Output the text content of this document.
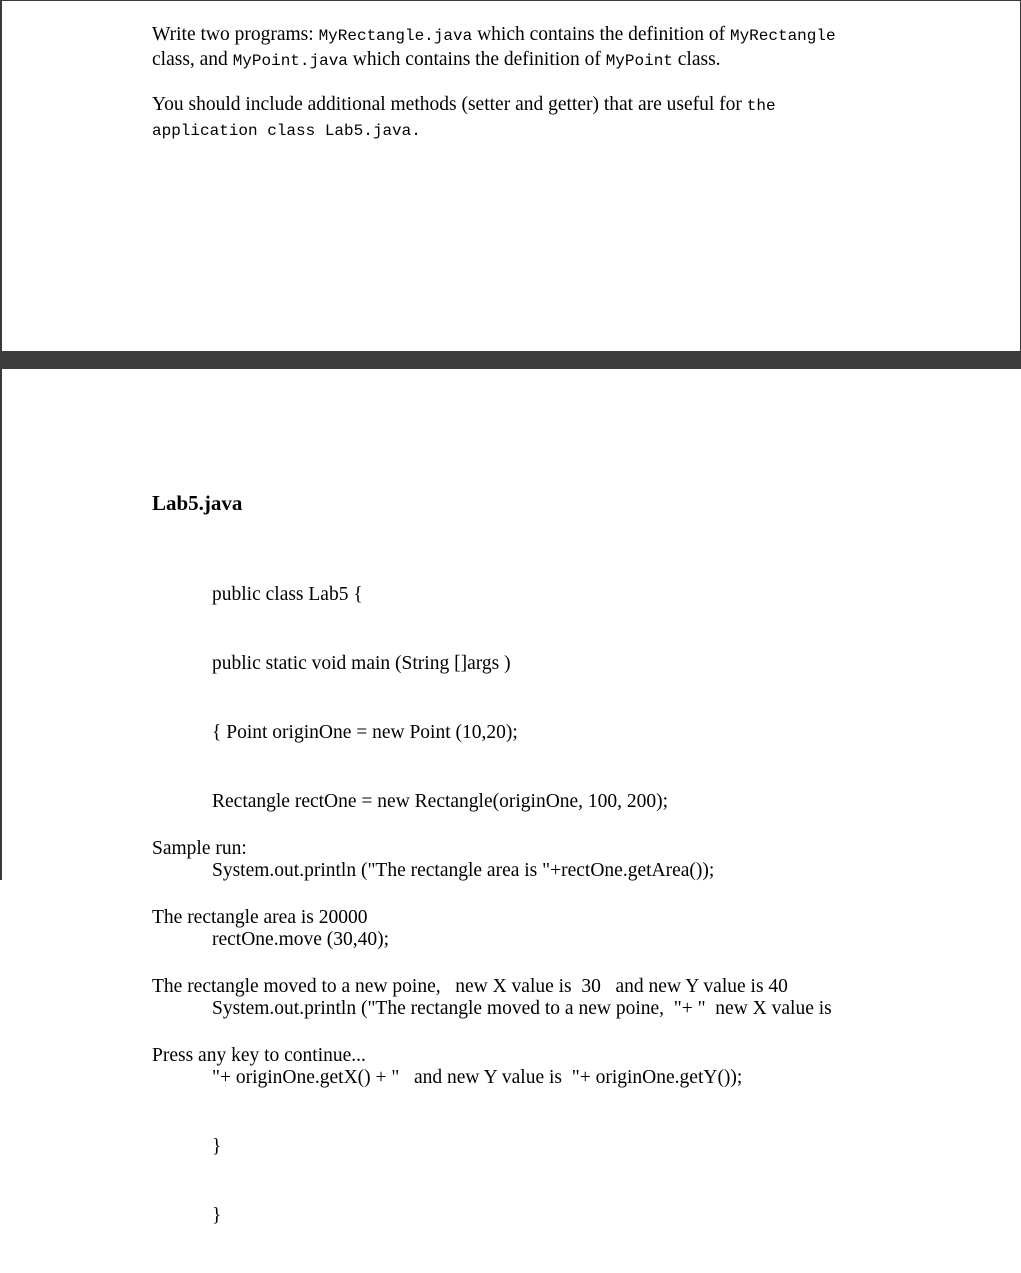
Write two programs: MyRectangle.java which contains the definition of MyRectangle
class, and MyPoint.java which contains the definition of MyPoint class.

You should include additional methods (setter and getter) that are useful for the
application class Lab5.java.

Lab5.java

public class Lab5 {

public static void main (String []args )

{ Point originOne = new Point (10,20);

Rectangle rectOne = new Rectangle(originOne, 100, 200);

System.out.println ("The rectangle area is "+rectOne.getArea());

rectOne.move (30,40);

System.out.println ("The rectangle moved to a new poine,  "+ "  new X value is

"+ originOne.getX() + "   and new Y value is  "+ originOne.getY());

}

}

Sample run:

The rectangle area is 20000

The rectangle moved to a new poine,   new X value is  30   and new Y value is 40

Press any key to continue...
